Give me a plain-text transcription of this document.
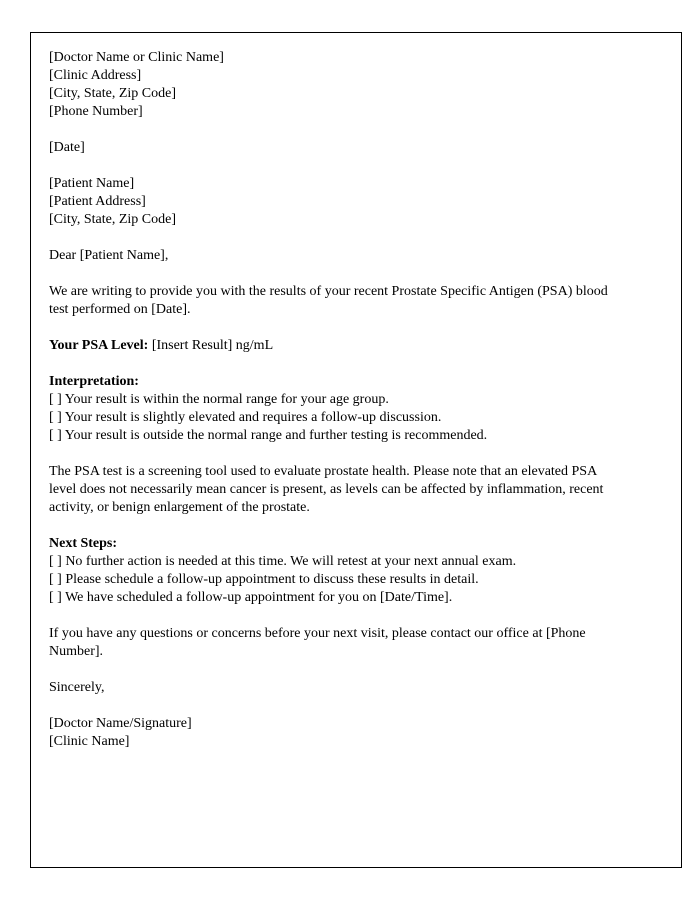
[Doctor Name or Clinic Name]
[Clinic Address]
[City, State, Zip Code]
[Phone Number]
[Date]
[Patient Name]
[Patient Address]
[City, State, Zip Code]
Dear [Patient Name],

We are writing to provide you with the results of your recent Prostate Specific Antigen (PSA) blood test performed on [Date].

Your PSA Level: [Insert Result] ng/mL

Interpretation:
[ ] Your result is within the normal range for your age group.
[ ] Your result is slightly elevated and requires a follow-up discussion.
[ ] Your result is outside the normal range and further testing is recommended.

The PSA test is a screening tool used to evaluate prostate health. Please note that an elevated PSA level does not necessarily mean cancer is present, as levels can be affected by inflammation, recent activity, or benign enlargement of the prostate.

Next Steps:
[ ] No further action is needed at this time. We will retest at your next annual exam.
[ ] Please schedule a follow-up appointment to discuss these results in detail.
[ ] We have scheduled a follow-up appointment for you on [Date/Time].

If you have any questions or concerns before your next visit, please contact our office at [Phone Number].

Sincerely,
[Doctor Name/Signature]
[Clinic Name]
